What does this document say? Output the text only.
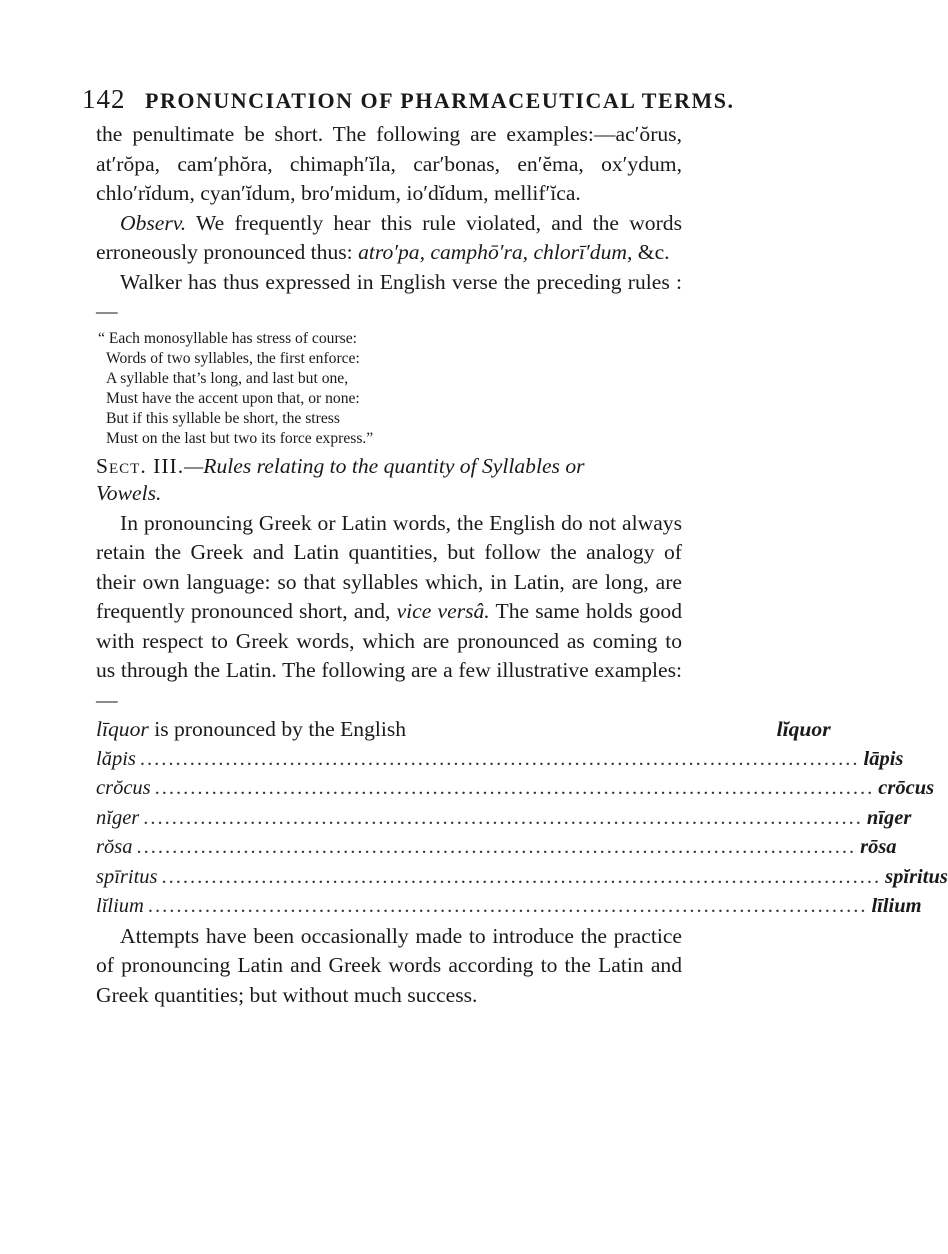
142 PRONUNCIATION OF PHARMACEUTICAL TERMS.

the penultimate be short. The following are examples:—ac′ŏrus, at′rŏpa, cam′phŏra, chimaph′ĭla, car′bonas, en′ĕma, ox′ydum, chlo′rĭdum, cyan′ĭdum, bro′midum, io′dĭdum, mellif′ĭca.

Observ. We frequently hear this rule violated, and the words erroneously pronounced thus: atro′pa, camphō′ra, chlorī′dum, &c.

Walker has thus expressed in English verse the preceding rules :—

“ Each monosyllable has stress of course:
Words of two syllables, the first enforce:
A syllable that’s long, and last but one,
Must have the accent upon that, or none:
But if this syllable be short, the stress
Must on the last but two its force express.”
Sect. III.—Rules relating to the quantity of Syllables or
Vowels.

In pronouncing Greek or Latin words, the English do not always retain the Greek and Latin quantities, but follow the analogy of their own language: so that syllables which, in Latin, are long, are frequently pronounced short, and, vice versâ. The same holds good with respect to Greek words, which are pronounced as coming to us through the Latin. The following are a few illustrative examples:—

līquor is pronounced by the English	lĭquor
lăpis ..................................................................................................... lāpis
crŏcus ..................................................................................................... crōcus
nĭger ..................................................................................................... nīger
rŏsa ..................................................................................................... rōsa
spīritus ..................................................................................................... spĭritus
lĭlium ..................................................................................................... līlium

Attempts have been occasionally made to introduce the practice of pronouncing Latin and Greek words according to the Latin and Greek quantities; but without much success.
